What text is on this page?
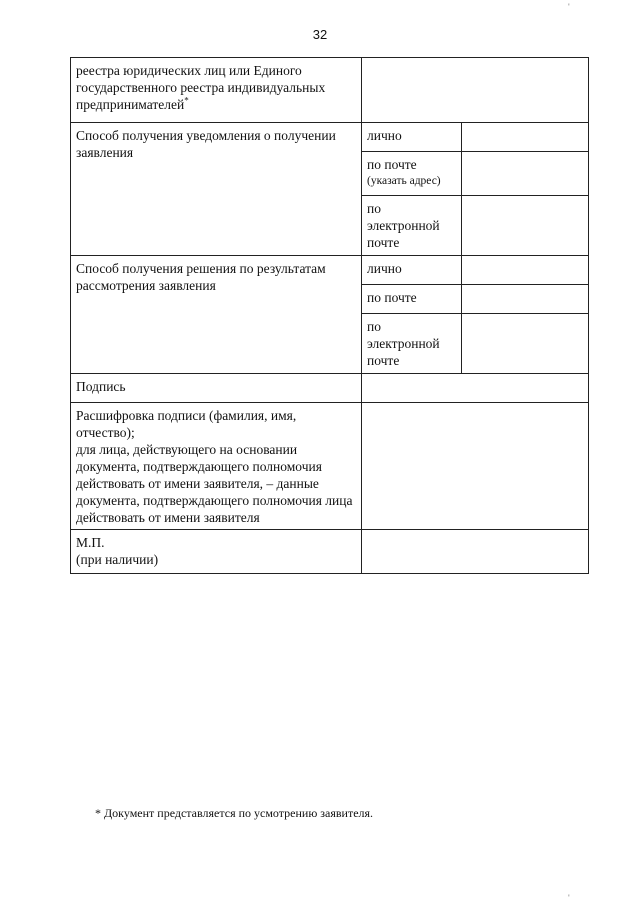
32
реестра юридических лиц или Единого государственного реестра индивидуальных предпринимателей*	
Способ получения уведомления о получении заявления	лично	

	по почте
(указать адрес)	

	по
электронной
почте	

Способ получения решения по результатам рассмотрения заявления	лично	
	по почте	

	по
электронной
почте	

Подпись		

Расшифровка подписи (фамилия, имя, отчество);
для лица, действующего на основании документа, подтверждающего полномочия действовать от имени заявителя, – данные документа, подтверждающего полномочия лица действовать от имени заявителя		

М.П.
(при наличии)		

* Документ представляется по усмотрению заявителя.
'
'
